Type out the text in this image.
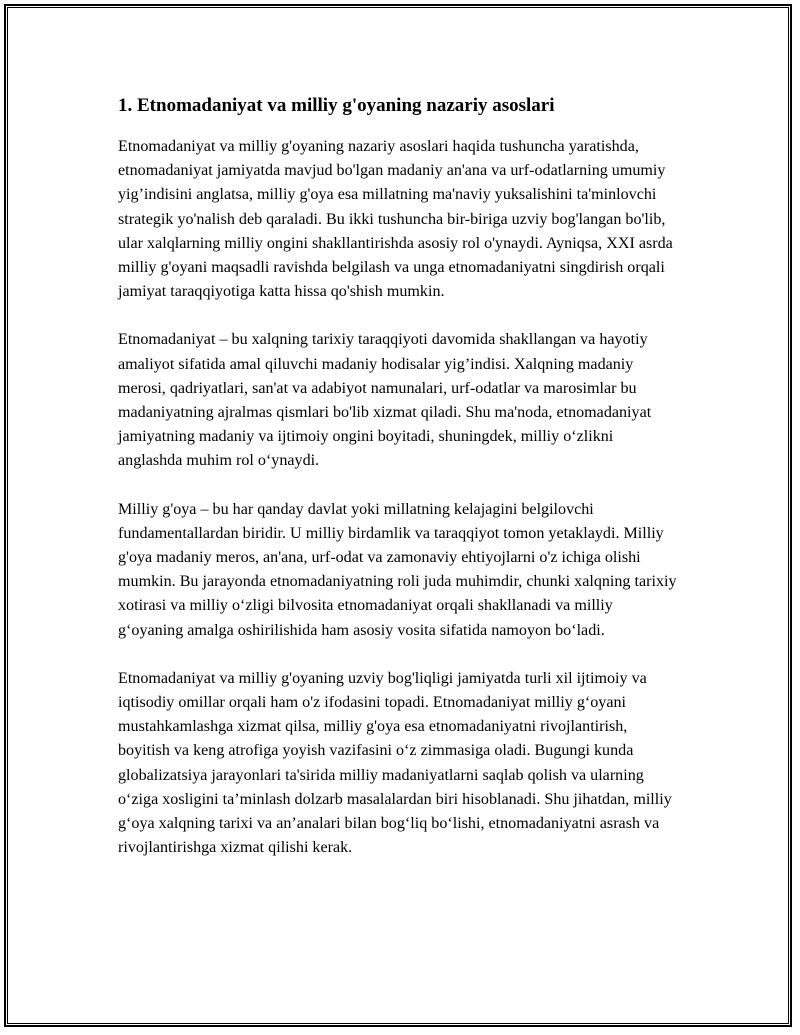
1. Etnomadaniyat va milliy g'oyaning nazariy asoslari

Etnomadaniyat va milliy g'oyaning nazariy asoslari haqida tushuncha yaratishda, etnomadaniyat jamiyatda mavjud bo'lgan madaniy an'ana va urf-odatlarning umumiy yig’indisini anglatsa, milliy g'oya esa millatning ma'naviy yuksalishini ta'minlovchi strategik yo'nalish deb qaraladi. Bu ikki tushuncha bir-biriga uzviy bog'langan bo'lib, ular xalqlarning milliy ongini shakllantirishda asosiy rol o'ynaydi. Ayniqsa, XXI asrda milliy g'oyani maqsadli ravishda belgilash va unga etnomadaniyatni singdirish orqali jamiyat taraqqiyotiga katta hissa qo'shish mumkin.

Etnomadaniyat – bu xalqning tarixiy taraqqiyoti davomida shakllangan va hayotiy amaliyot sifatida amal qiluvchi madaniy hodisalar yig’indisi. Xalqning madaniy merosi, qadriyatlari, san'at va adabiyot namunalari, urf-odatlar va marosimlar bu madaniyatning ajralmas qismlari bo'lib xizmat qiladi. Shu ma'noda, etnomadaniyat jamiyatning madaniy va ijtimoiy ongini boyitadi, shuningdek, milliy o‘zlikni anglashda muhim rol o‘ynaydi.

Milliy g'oya – bu har qanday davlat yoki millatning kelajagini belgilovchi fundamentallardan biridir. U milliy birdamlik va taraqqiyot tomon yetaklaydi. Milliy g'oya madaniy meros, an'ana, urf-odat va zamonaviy ehtiyojlarni o'z ichiga olishi mumkin. Bu jarayonda etnomadaniyatning roli juda muhimdir, chunki xalqning tarixiy xotirasi va milliy o‘zligi bilvosita etnomadaniyat orqali shakllanadi va milliy g‘oyaning amalga oshirilishida ham asosiy vosita sifatida namoyon bo‘ladi.

Etnomadaniyat va milliy g'oyaning uzviy bog'liqligi jamiyatda turli xil ijtimoiy va iqtisodiy omillar orqali ham o'z ifodasini topadi. Etnomadaniyat milliy g‘oyani mustahkamlashga xizmat qilsa, milliy g'oya esa etnomadaniyatni rivojlantirish, boyitish va keng atrofiga yoyish vazifasini o‘z zimmasiga oladi. Bugungi kunda globalizatsiya jarayonlari ta'sirida milliy madaniyatlarni saqlab qolish va ularning o‘ziga xosligini ta’minlash dolzarb masalalardan biri hisoblanadi. Shu jihatdan, milliy g‘oya xalqning tarixi va an’analari bilan bog‘liq bo‘lishi, etnomadaniyatni asrash va rivojlantirishga xizmat qilishi kerak.
